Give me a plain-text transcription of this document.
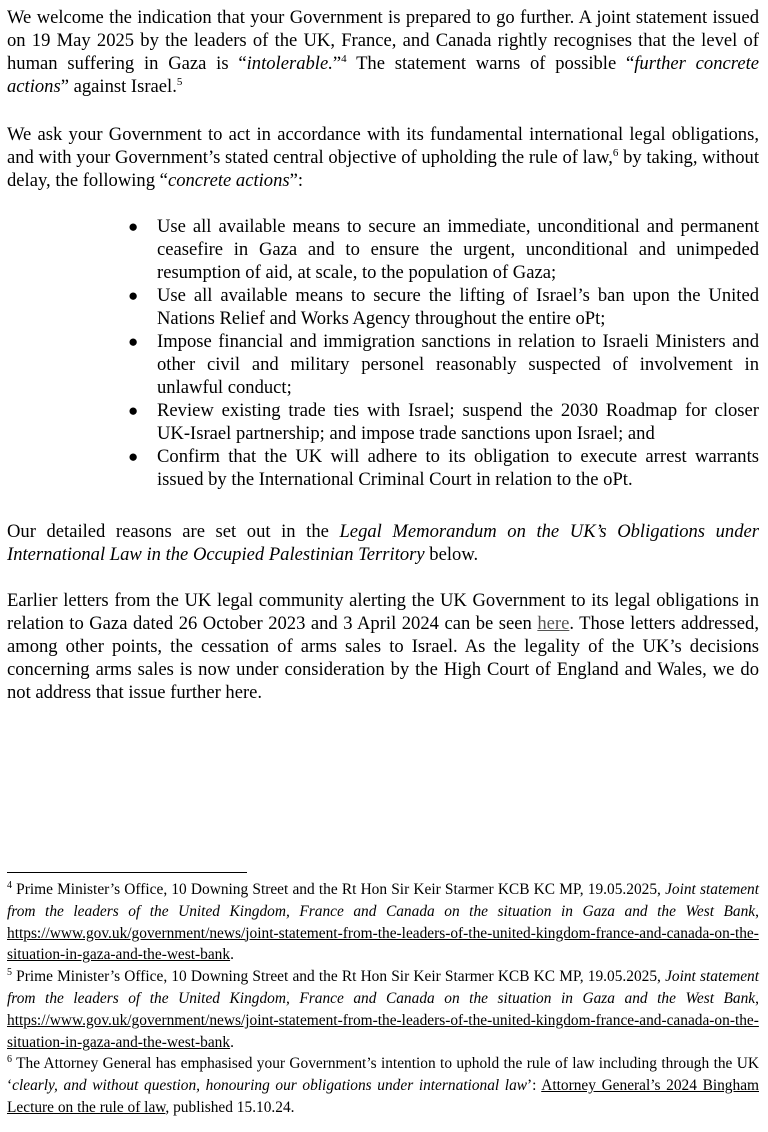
We welcome the indication that your Government is prepared to go further. A joint statement issued on 19 May 2025 by the leaders of the UK, France, and Canada rightly recognises that the level of human suffering in Gaza is “intolerable.”$^4$ The statement warns of possible “further concrete actions” against Israel.$^5$

We ask your Government to act in accordance with its fundamental international legal obligations, and with your Government’s stated central objective of upholding the rule of law,$^6$ by taking, without delay, the following “concrete actions”:

● Use all available means to secure an immediate, unconditional and permanent ceasefire in Gaza and to ensure the urgent, unconditional and unimpeded resumption of aid, at scale, to the population of Gaza;
● Use all available means to secure the lifting of Israel’s ban upon the United Nations Relief and Works Agency throughout the entire oPt;
● Impose financial and immigration sanctions in relation to Israeli Ministers and other civil and military personel reasonably suspected of involvement in unlawful conduct;
● Review existing trade ties with Israel; suspend the 2030 Roadmap for closer UK-Israel partnership; and impose trade sanctions upon Israel; and
● Confirm that the UK will adhere to its obligation to execute arrest warrants issued by the International Criminal Court in relation to the oPt.

Our detailed reasons are set out in the Legal Memorandum on the UK’s Obligations under International Law in the Occupied Palestinian Territory below.

Earlier letters from the UK legal community alerting the UK Government to its legal obligations in relation to Gaza dated 26 October 2023 and 3 April 2024 can be seen here. Those letters addressed, among other points, the cessation of arms sales to Israel. As the legality of the UK’s decisions concerning arms sales is now under consideration by the High Court of England and Wales, we do not address that issue further here.

$^4$ Prime Minister’s Office, 10 Downing Street and the Rt Hon Sir Keir Starmer KCB KC MP, 19.05.2025, Joint statement from the leaders of the United Kingdom, France and Canada on the situation in Gaza and the West Bank, https://www.gov.uk/government/news/joint-statement-from-the-leaders-of-the-united-kingdom-france-and-canada-on-the-situation-in-gaza-and-the-west-bank.

$^5$ Prime Minister’s Office, 10 Downing Street and the Rt Hon Sir Keir Starmer KCB KC MP, 19.05.2025, Joint statement from the leaders of the United Kingdom, France and Canada on the situation in Gaza and the West Bank, https://www.gov.uk/government/news/joint-statement-from-the-leaders-of-the-united-kingdom-france-and-canada-on-the-situation-in-gaza-and-the-west-bank.

$^6$ The Attorney General has emphasised your Government’s intention to uphold the rule of law including through the UK ‘clearly, and without question, honouring our obligations under international law’: Attorney General’s 2024 Bingham Lecture on the rule of law, published 15.10.24.
